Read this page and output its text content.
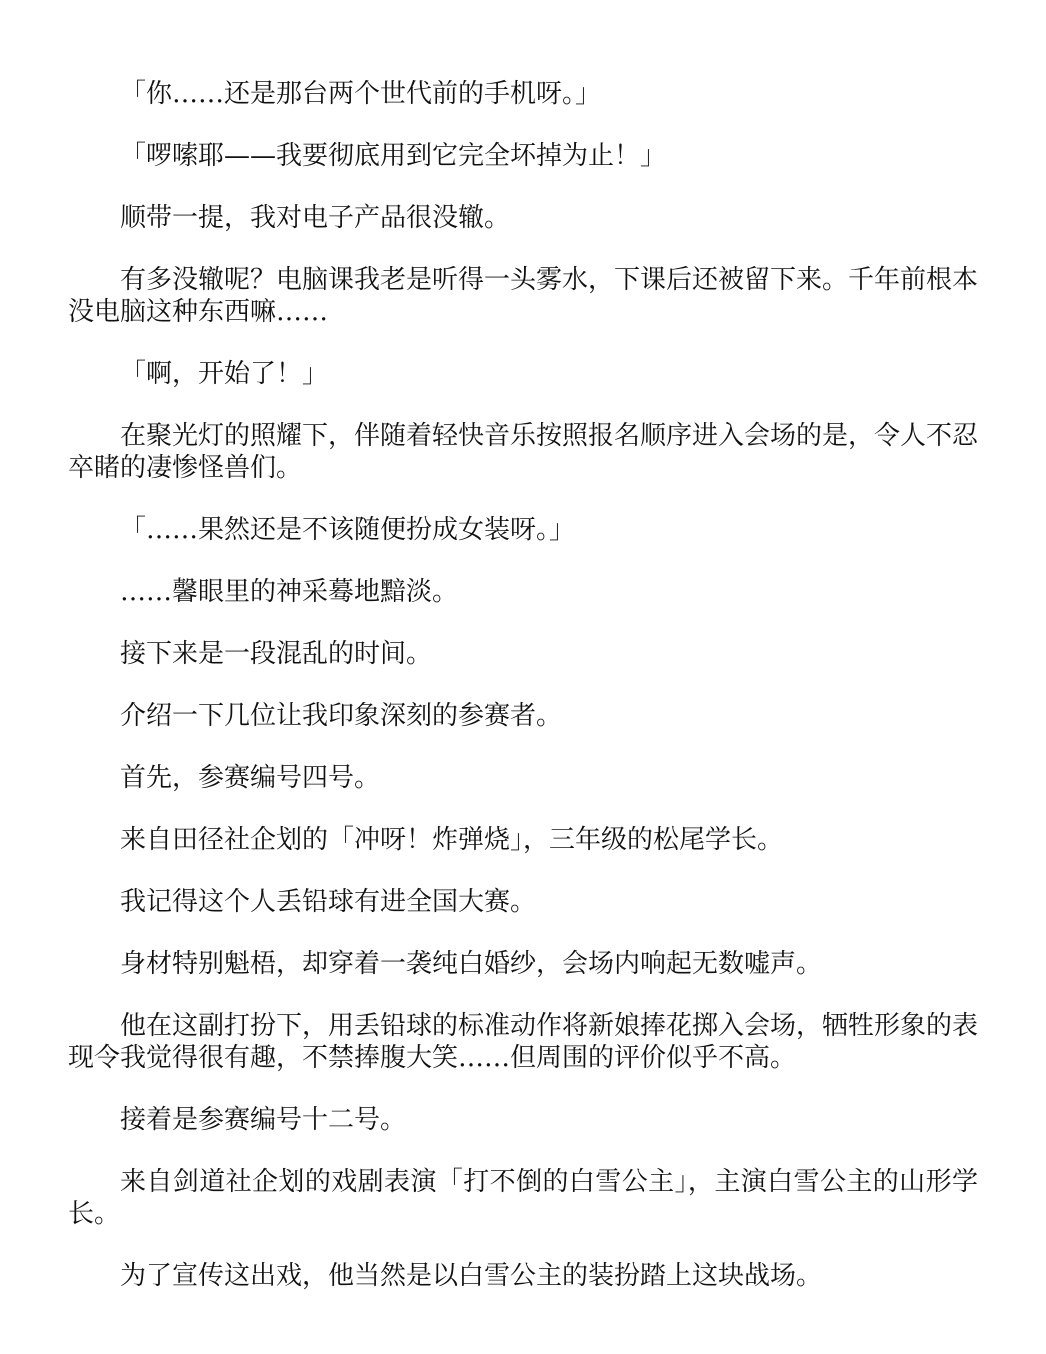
「你……还是那台两个世代前的手机呀。」

「啰嗦耶——我要彻底用到它完全坏掉为止！」

顺带一提，我对电子产品很没辙。

有多没辙呢？电脑课我老是听得一头雾水，下课后还被留下来。千年前根本没电脑这种东西嘛……

「啊，开始了！」

在聚光灯的照耀下，伴随着轻快音乐按照报名顺序进入会场的是，令人不忍卒睹的凄惨怪兽们。

「……果然还是不该随便扮成女装呀。」

……馨眼里的神采蓦地黯淡。

接下来是一段混乱的时间。

介绍一下几位让我印象深刻的参赛者。

首先，参赛编号四号。

来自田径社企划的「冲呀！炸弹烧」，三年级的松尾学长。

我记得这个人丢铅球有进全国大赛。

身材特别魁梧，却穿着一袭纯白婚纱，会场内响起无数嘘声。

他在这副打扮下，用丢铅球的标准动作将新娘捧花掷入会场，牺牲形象的表现令我觉得很有趣，不禁捧腹大笑……但周围的评价似乎不高。

接着是参赛编号十二号。

来自剑道社企划的戏剧表演「打不倒的白雪公主」，主演白雪公主的山形学长。

为了宣传这出戏，他当然是以白雪公主的装扮踏上这块战场。
